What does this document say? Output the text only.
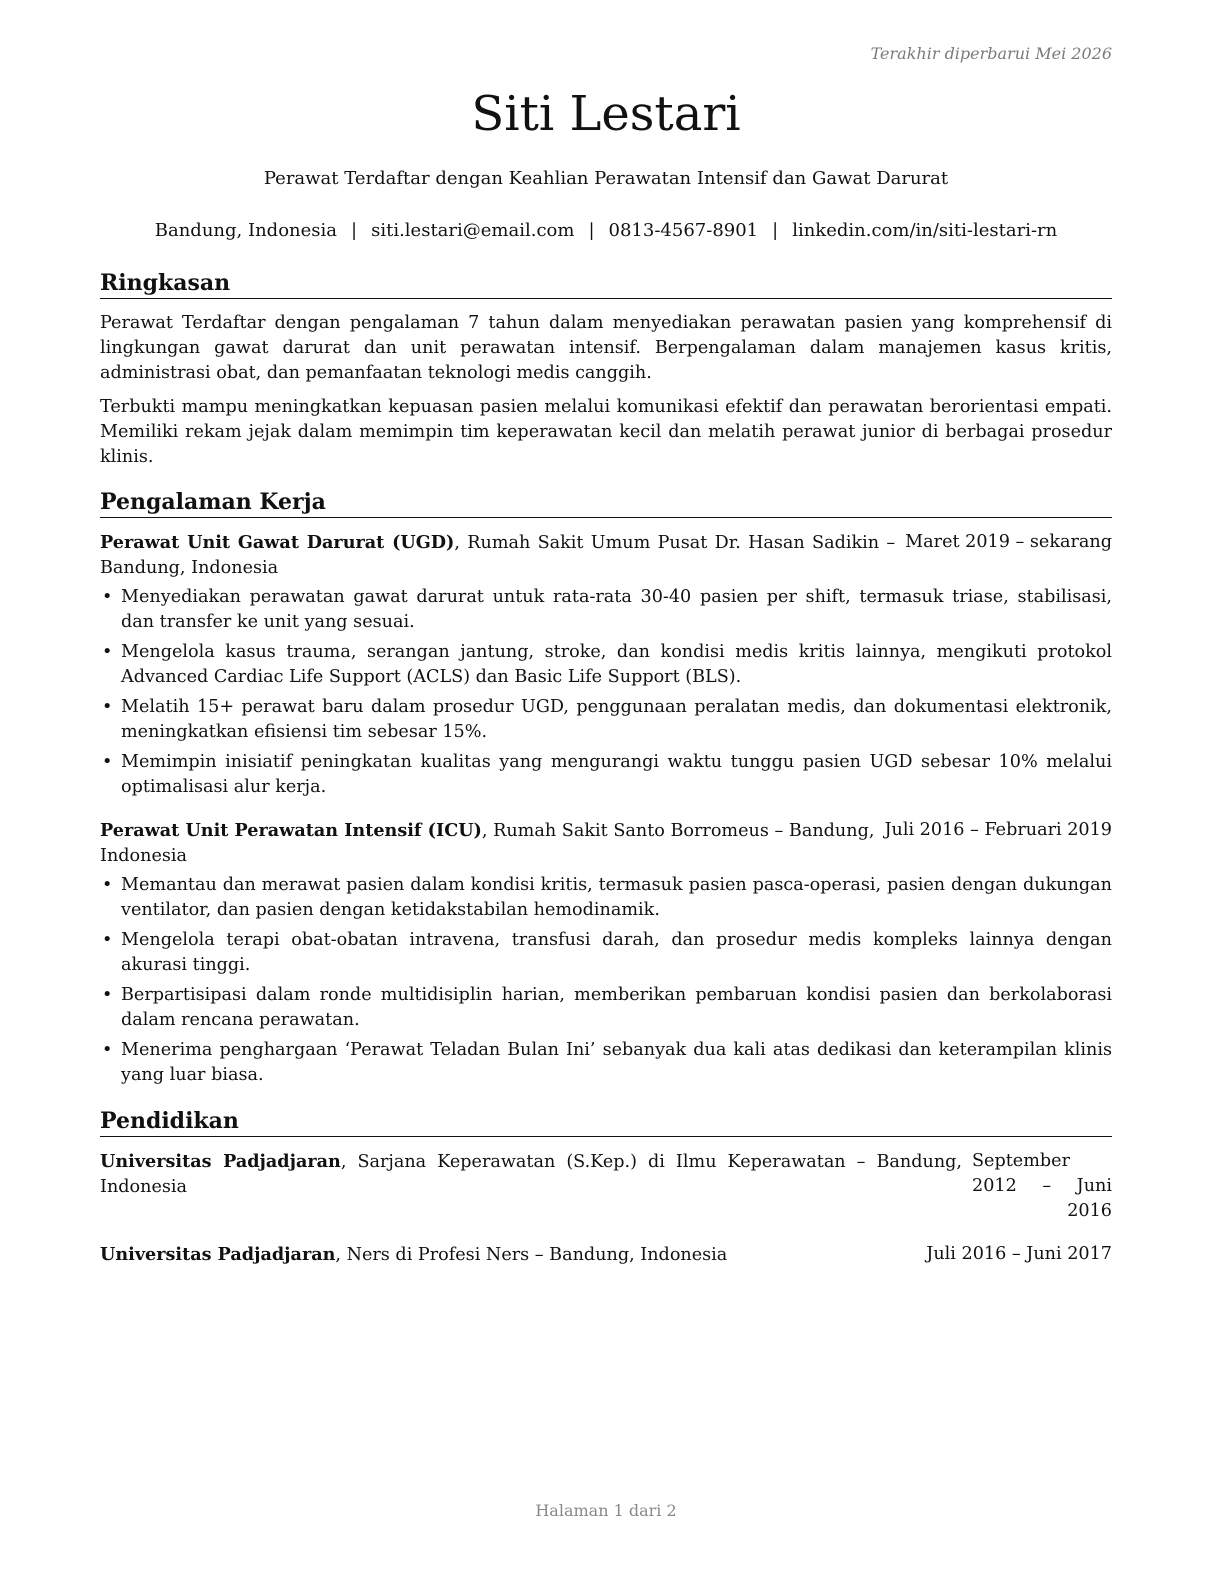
Terakhir diperbarui Mei 2026
Siti Lestari
Perawat Terdaftar dengan Keahlian Perawatan Intensif dan Gawat Darurat
Bandung, Indonesia | siti.lestari@email.com | 0813-4567-8901 | linkedin.com/in/siti-lestari-rn
Ringkasan

Perawat Terdaftar dengan pengalaman 7 tahun dalam menyediakan perawatan pasien yang komprehensif di lingkungan gawat darurat dan unit perawatan intensif. Berpengalaman dalam manajemen kasus kritis, administrasi obat, dan pemanfaatan teknologi medis canggih.

Terbukti mampu meningkatkan kepuasan pasien melalui komunikasi efektif dan perawatan berorientasi empati. Memiliki rekam jejak dalam memimpin tim keperawatan kecil dan melatih perawat junior di berbagai prosedur klinis.

Pengalaman Kerja
Perawat Unit Gawat Darurat (UGD), Rumah Sakit Umum Pusat Dr. Hasan Sadikin – Bandung, Indonesia
Maret 2019 – sekarang
• Menyediakan perawatan gawat darurat untuk rata-rata 30-40 pasien per shift, termasuk triase, stabilisasi, dan transfer ke unit yang sesuai.
• Mengelola kasus trauma, serangan jantung, stroke, dan kondisi medis kritis lainnya, mengikuti protokol Advanced Cardiac Life Support (ACLS) dan Basic Life Support (BLS).
• Melatih 15+ perawat baru dalam prosedur UGD, penggunaan peralatan medis, dan dokumentasi elektronik, meningkatkan efisiensi tim sebesar 15%.
• Memimpin inisiatif peningkatan kualitas yang mengurangi waktu tunggu pasien UGD sebesar 10% melalui optimalisasi alur kerja.
Perawat Unit Perawatan Intensif (ICU), Rumah Sakit Santo Borromeus – Bandung, Indonesia
Juli 2016 – Februari 2019
• Memantau dan merawat pasien dalam kondisi kritis, termasuk pasien pasca-operasi, pasien dengan dukungan ventilator, dan pasien dengan ketidakstabilan hemodinamik.
• Mengelola terapi obat-obatan intravena, transfusi darah, dan prosedur medis kompleks lainnya dengan akurasi tinggi.
• Berpartisipasi dalam ronde multidisiplin harian, memberikan pembaruan kondisi pasien dan berkolaborasi dalam rencana perawatan.
• Menerima penghargaan ‘Perawat Teladan Bulan Ini’ sebanyak dua kali atas dedikasi dan keterampilan klinis yang luar biasa.
Pendidikan
Universitas Padjadjaran, Sarjana Keperawatan (S.Kep.) di Ilmu Keperawatan – Bandung, Indonesia
September 2012 – Juni 2016
Universitas Padjadjaran, Ners di Profesi Ners – Bandung, Indonesia	Juli 2016 – Juni 2017
Halaman 1 dari 2
